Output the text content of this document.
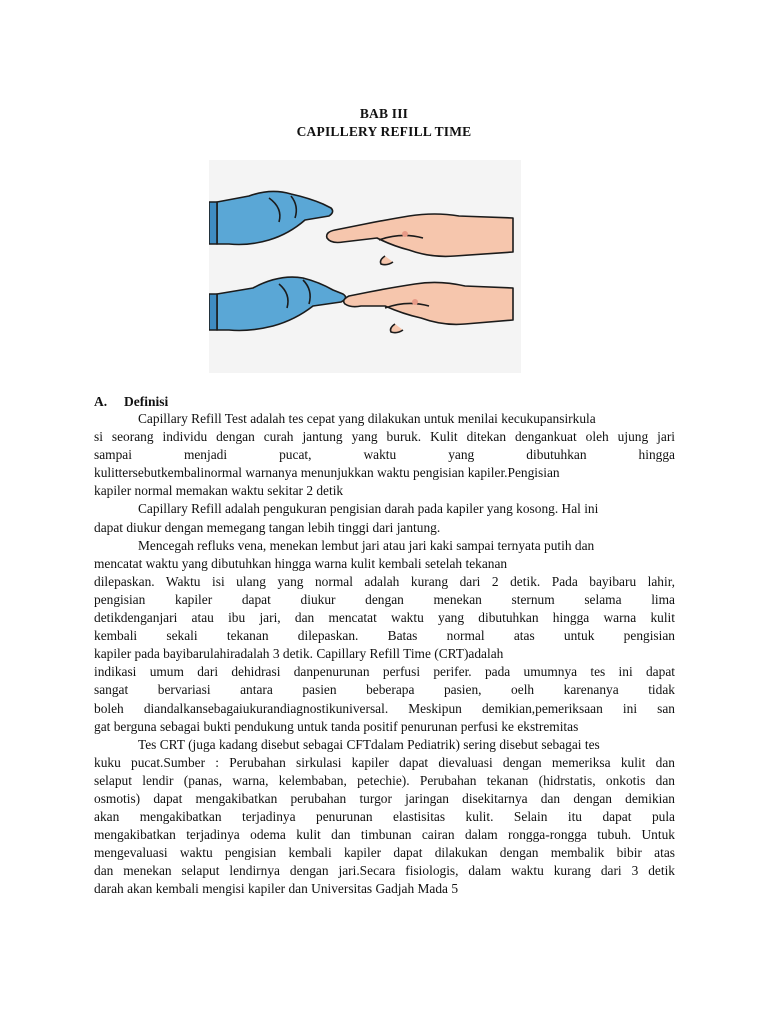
BAB III
CAPILLERY REFILL TIME
A. Definisi
Capillary Refill Test adalah tes cepat yang dilakukan untuk menilai kecukupansirkula
si seorang individu dengan curah jantung yang buruk. Kulit ditekan dengankuat oleh ujung jari
sampai menjadi pucat, waktu yang dibutuhkan hingga
kulittersebutkembalinormal warnanya menunjukkan waktu pengisian kapiler.Pengisian
kapiler normal memakan waktu sekitar 2 detik
Capillary Refill adalah pengukuran pengisian darah pada kapiler yang kosong. Hal ini
dapat diukur dengan memegang tangan lebih tinggi dari jantung.
Mencegah refluks vena, menekan lembut jari atau jari kaki sampai ternyata putih dan
mencatat waktu yang dibutuhkan hingga warna kulit kembali setelah tekanan
dilepaskan. Waktu isi ulang yang normal adalah kurang dari 2 detik. Pada bayibaru lahir,
pengisian kapiler dapat diukur dengan menekan sternum selama lima
detikdenganjari atau ibu jari, dan mencatat waktu yang dibutuhkan hingga warna kulit
kembali sekali tekanan dilepaskan. Batas normal atas untuk pengisian
kapiler pada bayibarulahiradalah 3 detik. Capillary Refill Time (CRT)adalah
indikasi umum dari dehidrasi danpenurunan perfusi perifer. pada umumnya tes ini dapat
sangat bervariasi antara pasien beberapa pasien, oelh karenanya tidak
boleh diandalkansebagaiukurandiagnostikuniversal. Meskipun demikian,pemeriksaan ini san
gat berguna sebagai bukti pendukung untuk tanda positif penurunan perfusi ke ekstremitas
Tes CRT (juga kadang disebut sebagai CFTdalam Pediatrik) sering disebut sebagai tes
kuku pucat.Sumber : Perubahan sirkulasi kapiler dapat dievaluasi dengan memeriksa kulit dan
selaput lendir (panas, warna, kelembaban, petechie). Perubahan tekanan (hidrstatis, onkotis dan
osmotis) dapat mengakibatkan perubahan turgor jaringan disekitarnya dan dengan demikian
akan mengakibatkan terjadinya penurunan elastisitas kulit. Selain itu dapat pula
mengakibatkan terjadinya odema kulit dan timbunan cairan dalam rongga-rongga tubuh. Untuk
mengevaluasi waktu pengisian kembali kapiler dapat dilakukan dengan membalik bibir atas
dan menekan selaput lendirnya dengan jari.Secara fisiologis, dalam waktu kurang dari 3 detik
darah akan kembali mengisi kapiler dan Universitas Gadjah Mada 5
